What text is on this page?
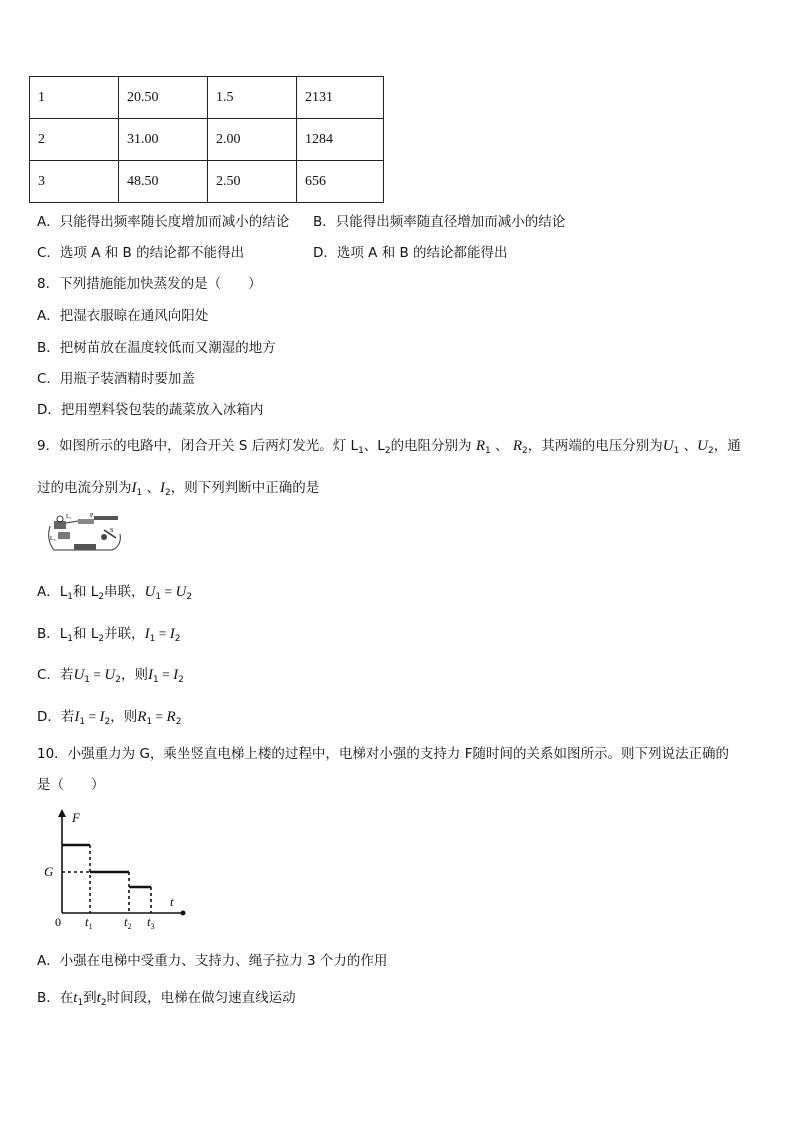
1	20.50	1.5	2131
2	31.00	2.00	1284
3	48.50	2.50	656
A．只能得出频率随长度增加而减小的结论 B．只能得出频率随直径增加而减小的结论
C．选项 A 和 B 的结论都不能得出	D．选项 A 和 B 的结论都能得出
8．下列措施能加快蒸发的是（　　）
A．把湿衣服晾在通风向阳处
B．把树苗放在温度较低而又潮湿的地方
C．用瓶子装酒精时要加盖
D．把用塑料袋包装的蔬菜放入冰箱内
9．如图所示的电路中，闭合开关 S 后两灯发光。灯 $L_1$、$L_2$的电阻分别为 $R_1$ 、 $R_2$，其两端的电压分别为$U_1$ 、$U_2$，通
过的电流分别为$I_1$ 、$I_2$，则下列判断中正确的是
L₁	P
L₂
S
A．$L_1$和 $L_2$串联，$U_1 = U_2$
B．$L_1$和 $L_2$并联，$I_1 = I_2$
C．若$U_1 = U_2$，则$I_1 = I_2$
D．若$I_1 = I_2$，则$R_1 = R_2$
10．小强重力为 G，乘坐竖直电梯上楼的过程中，电梯对小强的支持力 F随时间的关系如图所示。则下列说法正确的
是（　　）
F
G
t
0 $t_1$ $t_2$ $t_3$
A．小强在电梯中受重力、支持力、绳子拉力 3 个力的作用
B．在$t_1$到$t_2$时间段，电梯在做匀速直线运动
